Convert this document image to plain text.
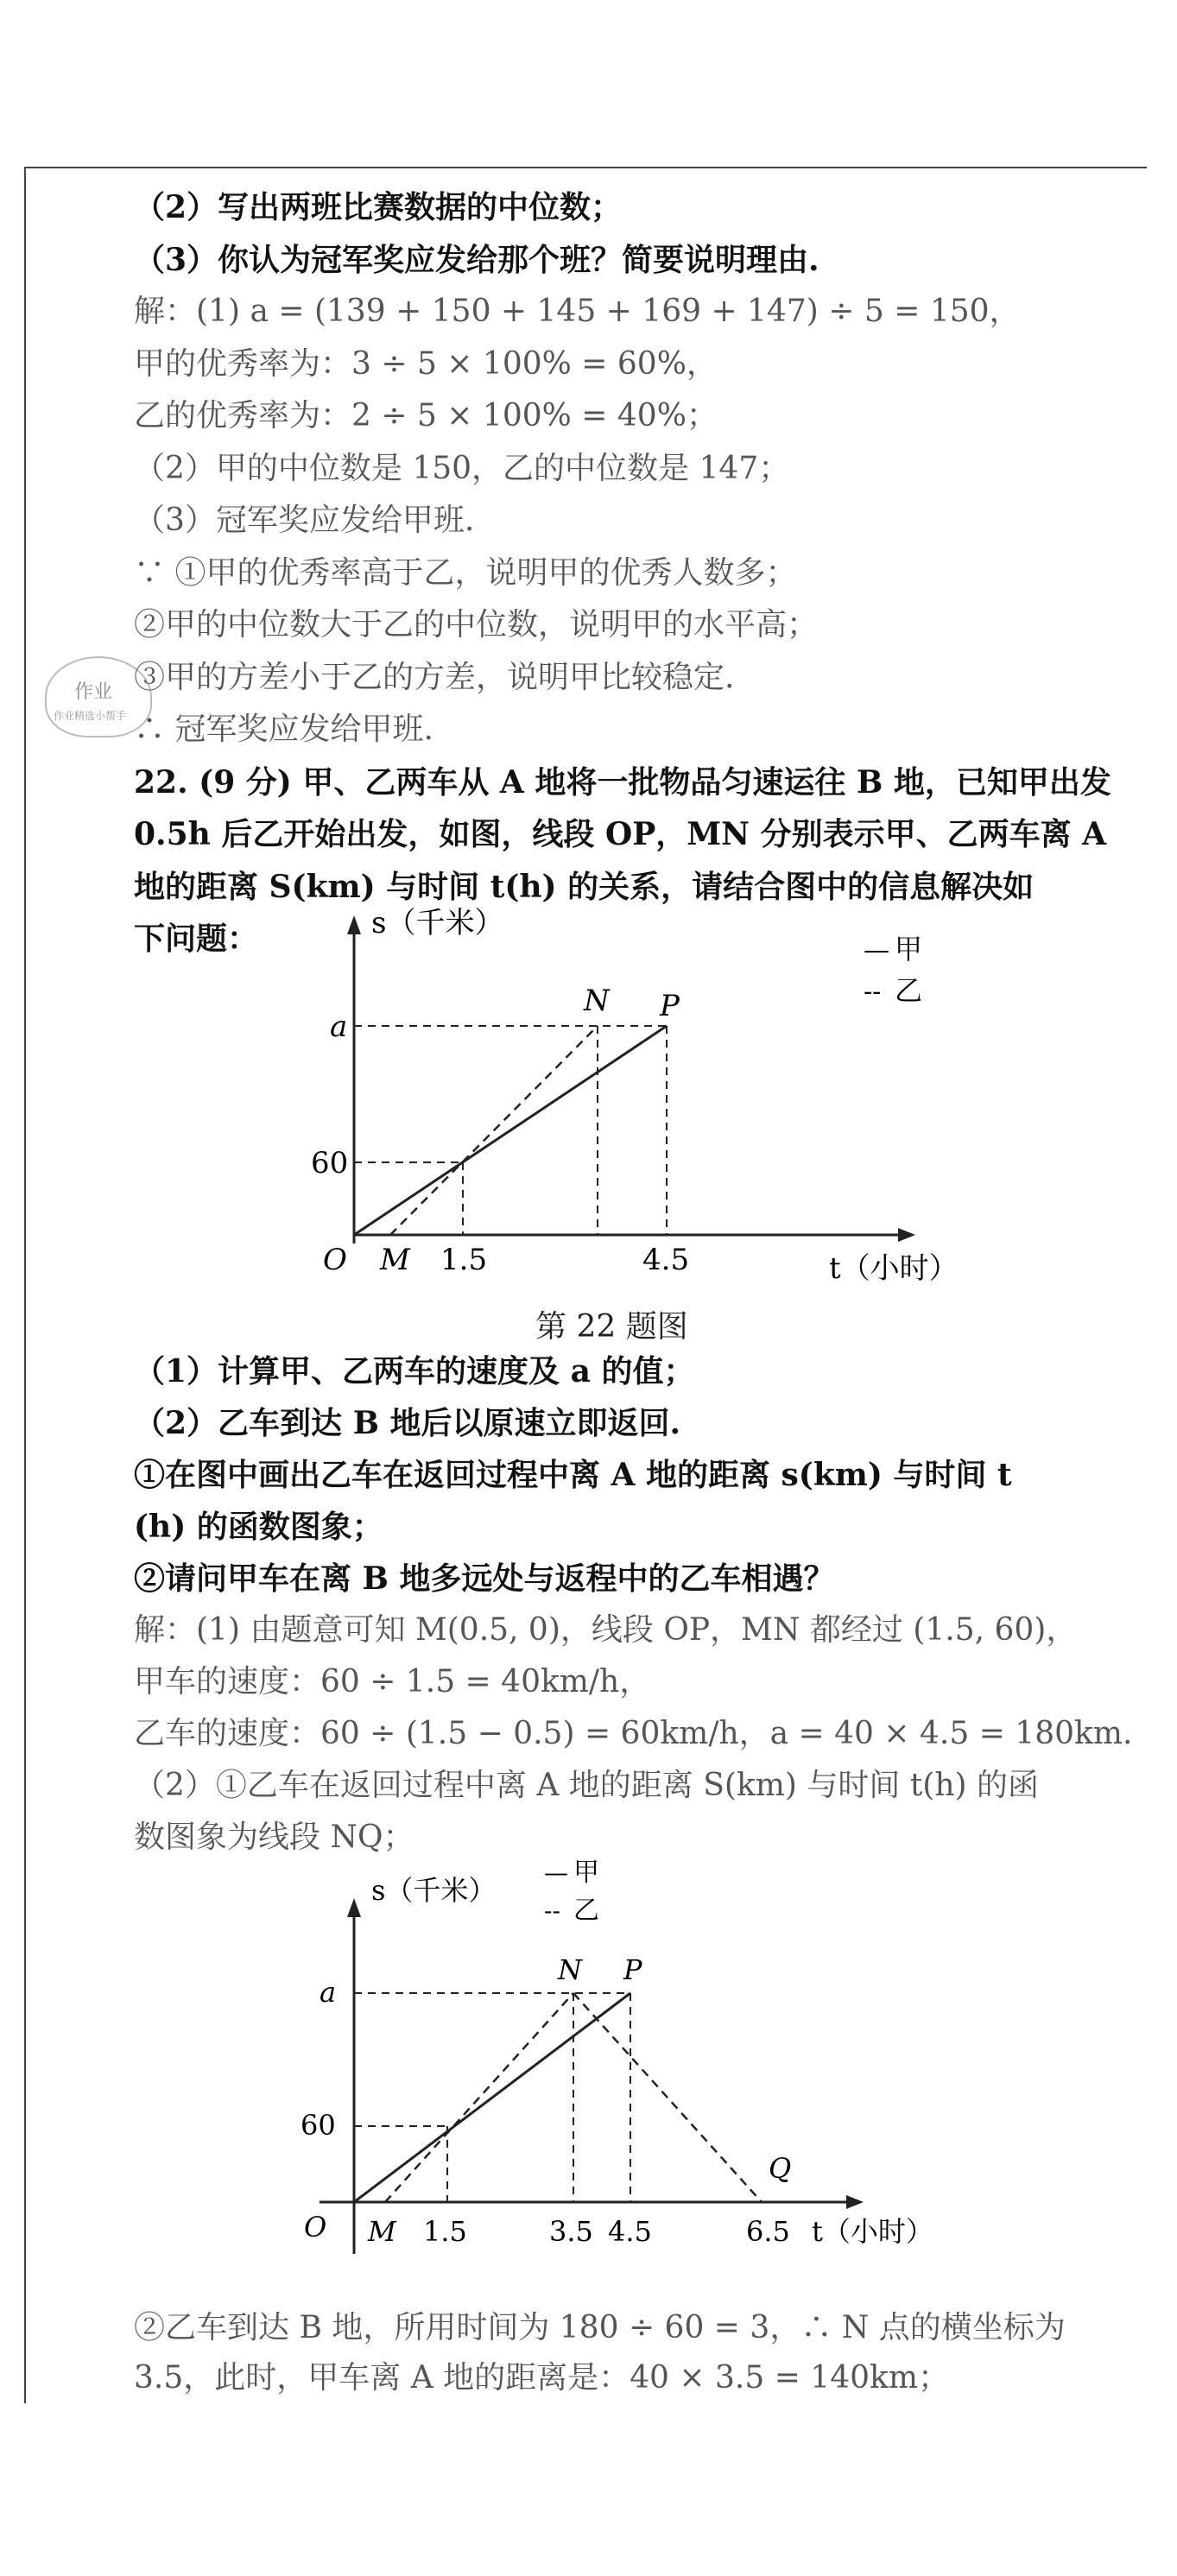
作业
作业精选小帮手
（2）写出两班比赛数据的中位数；
（3）你认为冠军奖应发给那个班？简要说明理由.
解：(1) a = (139 + 150 + 145 + 169 + 147) ÷ 5 = 150，
甲的优秀率为：3 ÷ 5 × 100% = 60%，
乙的优秀率为：2 ÷ 5 × 100% = 40%；
（2）甲的中位数是 150，乙的中位数是 147；
（3）冠军奖应发给甲班.
∵ ①甲的优秀率高于乙，说明甲的优秀人数多；
②甲的中位数大于乙的中位数，说明甲的水平高；
③甲的方差小于乙的方差，说明甲比较稳定.
∴ 冠军奖应发给甲班.
22. (9 分) 甲、乙两车从 A 地将一批物品匀速运往 B 地，已知甲出发
0.5h 后乙开始出发，如图，线段 OP，MN 分别表示甲、乙两车离 A
地的距离 S(km) 与时间 t(h) 的关系，请结合图中的信息解决如
下问题：	s（千米）
t（小时）
O M 1.5	4.5
a
60
N P
— 甲
-- 乙
第 22 题图
（1）计算甲、乙两车的速度及 a 的值；
（2）乙车到达 B 地后以原速立即返回.
①在图中画出乙车在返回过程中离 A 地的距离 s(km) 与时间 t
(h) 的函数图象；
②请问甲车在离 B 地多远处与返程中的乙车相遇？
解：(1) 由题意可知 M(0.5, 0)，线段 OP，MN 都经过 (1.5, 60)，
甲车的速度：60 ÷ 1.5 = 40km/h，
乙车的速度：60 ÷ (1.5 − 0.5) = 60km/h，a = 40 × 4.5 = 180km.
（2）①乙车在返回过程中离 A 地的距离 S(km) 与时间 t(h) 的函
数图象为线段 NQ；
s（千米）
t（小时）
O M 1.5	3.5 4.5	6.5
a
60
N P
Q
— 甲
-- 乙
②乙车到达 B 地，所用时间为 180 ÷ 60 = 3，∴ N 点的横坐标为
3.5，此时，甲车离 A 地的距离是：40 × 3.5 = 140km；
